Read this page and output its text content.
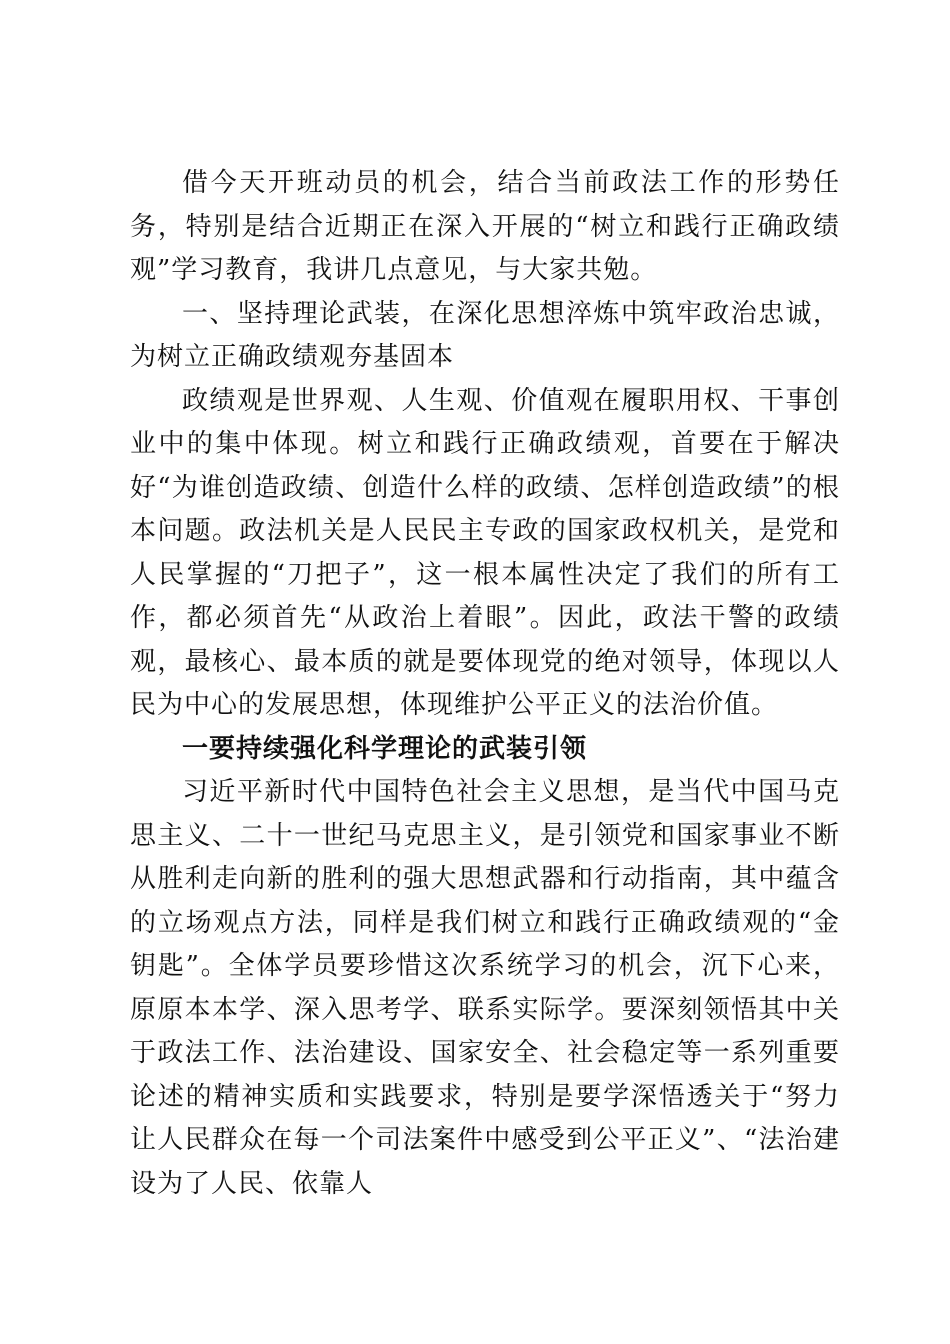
借今天开班动员的机会，结合当前政法工作的形势任务，特别是结合近期正在深入开展的“树立和践行正确政绩观”学习教育，我讲几点意见，与大家共勉。

一、坚持理论武装，在深化思想淬炼中筑牢政治忠诚，为树立正确政绩观夯基固本

政绩观是世界观、人生观、价值观在履职用权、干事创业中的集中体现。树立和践行正确政绩观，首要在于解决好“为谁创造政绩、创造什么样的政绩、怎样创造政绩”的根本问题。政法机关是人民民主专政的国家政权机关，是党和人民掌握的“刀把子”，这一根本属性决定了我们的所有工作，都必须首先“从政治上着眼”。因此，政法干警的政绩观，最核心、最本质的就是要体现党的绝对领导，体现以人民为中心的发展思想，体现维护公平正义的法治价值。

一要持续强化科学理论的武装引领

习近平新时代中国特色社会主义思想，是当代中国马克思主义、二十一世纪马克思主义，是引领党和国家事业不断从胜利走向新的胜利的强大思想武器和行动指南，其中蕴含的立场观点方法，同样是我们树立和践行正确政绩观的“金钥匙”。全体学员要珍惜这次系统学习的机会，沉下心来，原原本本学、深入思考学、联系实际学。要深刻领悟其中关于政法工作、法治建设、国家安全、社会稳定等一系列重要论述的精神实质和实践要求，特别是要学深悟透关于“努力让人民群众在每一个司法案件中感受到公平正义”、“法治建设为了人民、依靠人
